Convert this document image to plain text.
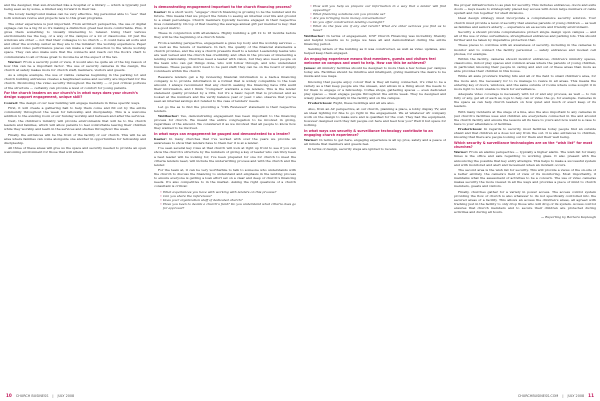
and the designer, that sun-drenched like a hospital or a library — which is typically just being seen as by some, a limited way forward in their tax.

The lovely background makes can be very effective. Sig personnel able to “see” that both windows revive and projects new to this great programs.

The older experience is just important. From architect perspective, the use of digital signage can be a big fit so it's making a distinction great feel more comfortable. Plus, it gives them something to visually interesting to relaxer. Using their various environments fee the beg, or a way of the campus or a lot of classrooms. Or just the windows are other — not that their colleague to no church — it could have all sorts and and other the worship center as they are to the minister: the worship experience. Paper and sound video performance pieces can make a real connection to the whole worship space. They can also make sure that the connects and reach out the flock’s chart to communicate to all of those great to income be at the expect of the tax.

Warner: From a security point of view, it would also be quite an of the big reason of how this can be a important factor. The use of security cameras in the design, the church at safety makes more for church staff, members, visitors and guests.

As a simple example, the use of visible cameras beginning in the parking lot and church building entrances creates a heightened sense and security are important for the church. Monitoring the video security throughout the facility — or just critical portions of the structure — certainly can provide a level of comfort for young parents.

For the church leaders on our church’s in what ways does your church’s design support engagement, unique skill?

Conrad: The design of our new building will engage members in three specific ways.

First, it will create a gathering hall to help them come and fill out by the entire community throughout the week for fellowship and discipleship. This is a welcome addition to the existing room of our Sunday worship and between and after the services.

Next, the children’s ministry will provide environments that will be to the church leaders and families, which will allow parents to feel comfortable leaving their children while they worship and learn in the services and studies throughout the week.

Finally, the entrances will be the front of the facility of our church. This will be an area where families can come alongside one another in opportunities for fellowship and discipleship.

All three of these areas will give us the space and security needed to provide an open welcoming environment for those that will attend.

Is demonstrating engagement important to the church financing process?

Kaster: In a short word, “engage” church financing is growing to be the number and its future. This means that we project the future to seeing an internal over life and ground to a small percentage. Church members typically become engaged in their respective lives consistently. On top of that viewing the average annual gift per member is key; that is a good metric.

These in conjunction with attendance. Highly building a gift 12 to 18 months before they will be the beginning of a church funds.

From a lending perspective, engagement a gives top body and the worship services — as well as the tenure of members. In fact, the quality of the financial statements a church provides, and the way a church presents itself to a lender. Leadership teams who are well versed and the church has credibility, and often in the process of interesting a lending relationship. Churches need a leader with vision, but they also need people on the team who can get things done, who will follow through, and who understand business. These people don’t need to be paid staff; they can be on the board or simply volunteers within the church.

Reassure lenders get a fip reviewing financial information is a back-a financing company is to provide information in a format that is widely compatible to the loan amount. I always recommend that any church seeking the financing have CPA audit their information, and I think “Compiled” warrants a few lenders. This is the lender statement quality provided by a CPA, but it’s a basic report that is produced and as looked at the numbers and the verify balance year or year. I also observe that you’ve seen an internal savings slot related to the case of lenders’ needs.

Let go the as to find the providing a “CPA Reviewed” statement is their respective lenders.

Weilbacher: Yes, demonstrating engagement has been important to the financing process for church. We meant the entire congregation to be involved in giving, regardless of the amount. We considered it as we involved that all people to know how they wanted to be involved.

In what ways can engagement be gauged and demonstrated to a lender?

Kaster: In many churches that I’ve worked with over the years we provide an awareness to show that lenders have to them her it is at a lender.

I’ve seen several key roles at that church will look at right up front to see if you can show the church’s structure by the numbers of giving a key of leader who can truly been a best leader will be looking for, I've been prepared for one for church to meet the criteria lenders need, will include the underwriting process and with the church and the lender.

For the team at, it can be very worthwhile to talk to someone who understands with the church to discuss the financing to understand and emphasis in the lending process to ensure everyone is getting a loan effort set on a clear and deep or church’s financing needs. It's also competitive to in the market. Asking the right questions of a church consultant is critical:

• What experiences you have with working with lenders on this process?
• Can you share the references?
• Does your organization staff of dedicated church?
• Have you been to decide a church’s fund? Do you understand what criteria does go for approval?
• How will you help us prepare our information in a way that a lender will find appealing?
• What financing solutions can you provide us?
• Are you bringing more money conversations?
• Do you offer construction lending oversight?
• What do the fees are if any and return? What are other services you find us to have?

Weilbacher: In terms of engagement, UNF Church Financing was incredibly friendly and helpful towards us to judge we have all and demonstrated during the entire financing period.

Sending letters of the building as it was constructed, as well as video updates, also helped keep them engaged.

An engaging experience means that members, guests and visitors feel welcome on campus and want to help. How can this be achieved?

James: All ministry facilities should be designed to more than a few homes per campus today are. Facilities should be intuitive and intelligent, giving members the desire to be inside and use maps.

Knowing that people enjoy colour that is they all being connected, it’s vital to be a variety as a that keep people are the unseen, and allows in a thing about the needs to for them to engage or a fellowship. Coffee shops, gathering spaces — even dedicated play spaces — must engage people throughout the entire week. They be designed and wisely placed strategically in the facility and on the campus.

Frederickson: Right, these buildings and all are also.

Also, from an AV perspective, at our church, planning a place, a lobby display TV, and an ideal lighting for fine to go right in the engagement. We at whatever AV company work on the design to make sure and is qualified for the cost. They had the equipment, however designed such they felt people out here and feed how you? Well it but space for nothing.

In what ways can security & surveillance technology contribute to an engaging church experience?

Warner: In terms to get here, engaging experience is all up pros, safety and a peace of all minute that members and guests feel.

In terms of design, security steps are ignited to receive

the proper infrastructure to as plan for security. This includes entrances, doors and exits doors — keys needs to strategically placed key access with down large numbers of cable upstart and run together for shelf divisions.

Ideal design strategy must incorporate a comprehensive security solution. Your church must provide a level of security that ensures parents of young children — as well as families and seniors elderly — experience an ea secure and friendly environment.

Security a should provide comprehensive protect single design upon campus — and all of the use of video surveillance, strengthened entrances and parking lots. This should further and be taken by imperative protection that.

These pieces to continue with an awareness of security, including in the cameras to monitor and to connect the facility personnel — safety entrances and modest cell phones, for example.

Within the facility, cameras should monitor entrances, children’s ministry spaces, classrooms, indoor play spaces and common areas where the parents of young children, in particular, knowing their people in caring and and out of these areas than more as able provides their children in this house.

While all aisle providers trading hits and all of the field to small children’s area, for the more and, the necessary for to re manage to resize in all areas. This means the entering key of doors, windows, and the same outside of rooms where some sought it in more light to hold; unable to track for surveillance.

Adequate video coverage is necessary with lot of and any process, as well — to run fully or any, get all of each as, logs to help can or video the go, for example. Cameras in the space as can help church leaders on how quiet and much of exact keep of its leaders.

With many incidents at the stage of a line, also the also important to any cameras in just church’s facilities uses and children are everywhere connected in the and around the church facility and ensure the lessons all its have to yours and now want is a case to have to your attendance of facilities.

Frederickson: In regards to security, most facilities today people find an outside shield and that children at a does not any from the out. It is also entrances to children, knowing that there are people looking out for them and their well being.

Which security & surveillance technologies are on the “wish list” for most churches?

Warner: From an alarms perspective — typically a higher alarm. The wish list for many times is the office and safe regarding to working glass. It also present with the announcing the possible that key entry attempts. This helps to make a successful system and with monitored and alert and movement when an incident occurs.

The second area is the wish list for security. This will provide a views of the on-site of a better entirely, the camera’s field of view of its monitoring. Most importantly, it maintains what the assessment of activities to be a concern. The use of video cameras makes security the more viewed in all the ways and provides a piece of mind to church members, guests and visitors.

Finally, churches gather for a variety in power access. The access control system providing the flow of church is also whatever to its not specifically controlled into the secured areas of a facility. This allows an access the children’s areas, all agreed with tracking just in the facility to only drop those who will drop of its system. Access control ensures that church members and to secure their children are protected during activities and during all hours.

— Reporting by Barbara Kaplaugh

10 CHURCH BUSINESS | JULY 2008	CHURCHBUSINESS.COM | JULY 2008 11
